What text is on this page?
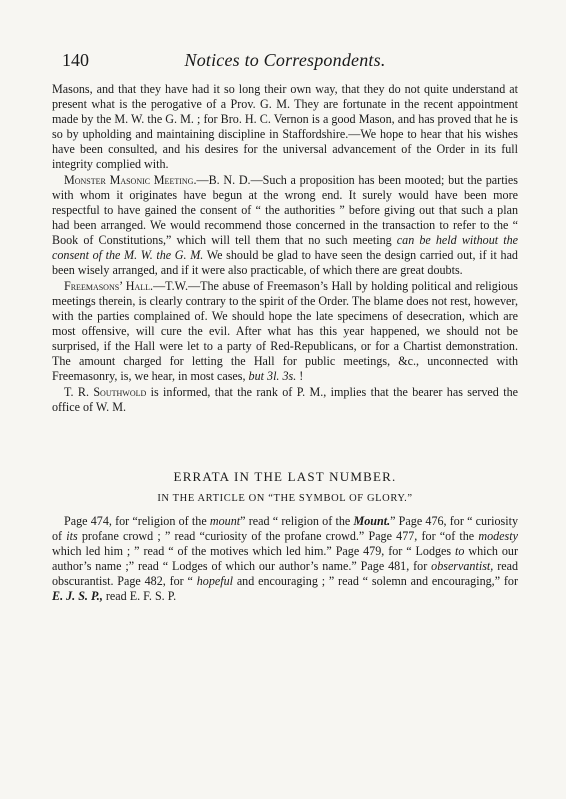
140	Notices to Correspondents.

Masons, and that they have had it so long their own way, that they do not quite understand at present what is the perogative of a Prov. G. M. They are fortunate in the recent appointment made by the M. W. the G. M. ; for Bro. H. C. Vernon is a good Mason, and has proved that he is so by upholding and maintaining discipline in Staffordshire.—We hope to hear that his wishes have been consulted, and his desires for the universal advancement of the Order in its full integrity complied with.

Monster Masonic Meeting.—B. N. D.—Such a proposition has been mooted; but the parties with whom it originates have begun at the wrong end. It surely would have been more respectful to have gained the consent of “ the authorities ” before giving out that such a plan had been arranged. We would recommend those concerned in the transaction to refer to the “ Book of Constitutions,” which will tell them that no such meeting can be held without the consent of the M. W. the G. M. We should be glad to have seen the design carried out, if it had been wisely arranged, and if it were also practicable, of which there are great doubts.

Freemasons’ Hall.—T.W.—The abuse of Freemason’s Hall by holding political and religious meetings therein, is clearly contrary to the spirit of the Order. The blame does not rest, however, with the parties complained of. We should hope the late specimens of desecration, which are most offensive, will cure the evil. After what has this year happened, we should not be surprised, if the Hall were let to a party of Red-Republicans, or for a Chartist demonstration. The amount charged for letting the Hall for public meetings, &c., unconnected with Freemasonry, is, we hear, in most cases, but 3l. 3s. !

T. R. Southwold is informed, that the rank of P. M., implies that the bearer has served the office of W. M.

ERRATA IN THE LAST NUMBER.
IN THE ARTICLE ON “THE SYMBOL OF GLORY.”

Page 474, for “religion of the mount” read “ religion of the Mount.” Page 476, for “ curiosity of its profane crowd ; ” read “curiosity of the profane crowd.” Page 477, for “of the modesty which led him ; ” read “ of the motives which led him.” Page 479, for “ Lodges to which our author’s name ;” read “ Lodges of which our author’s name.” Page 481, for observantist, read obscurantist. Page 482, for “ hopeful and encouraging ; ” read “ solemn and encouraging,” for E. J. S. P., read E. F. S. P.
